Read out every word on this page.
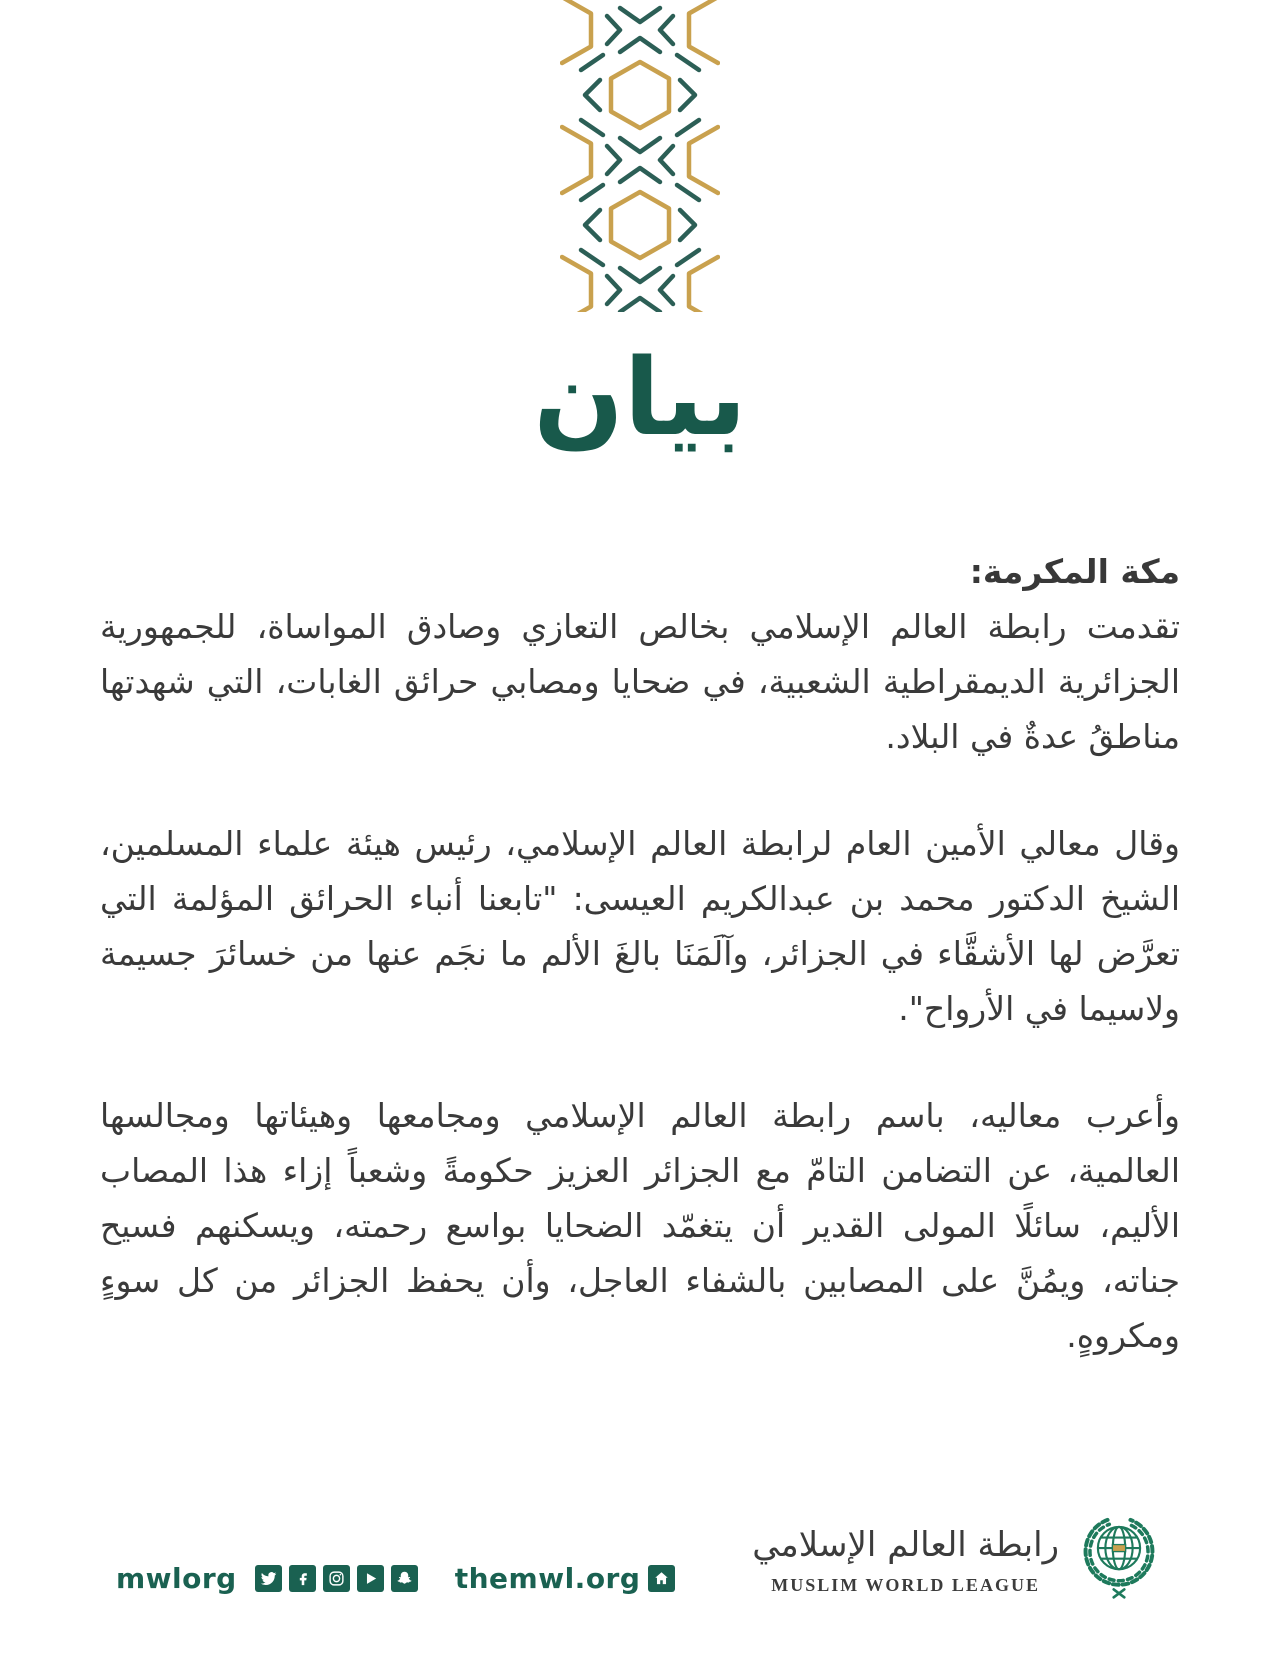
بيان
مكة المكرمة:

تقدمت رابطة العالم الإسلامي بخالص التعازي وصادق المواساة، للجمهورية الجزائرية الديمقراطية الشعبية، في ضحايا ومصابي حرائق الغابات، التي شهدتها مناطقُ عدةٌ في البلاد.

وقال معالي الأمين العام لرابطة العالم الإسلامي، رئيس هيئة علماء المسلمين، الشيخ الدكتور محمد بن عبدالكريم العيسى: "تابعنا أنباء الحرائق المؤلمة التي تعرَّض لها الأشقَّاء في الجزائر، وآلَمَنَا بالغَ الألم ما نجَم عنها من خسائرَ جسيمة ولاسيما في الأرواح".

وأعرب معاليه، باسم رابطة العالم الإسلامي ومجامعها وهيئاتها ومجالسها العالمية، عن التضامن التامّ مع الجزائر العزيز حكومةً وشعباً إزاء هذا المصاب الأليم، سائلًا المولى القدير أن يتغمّد الضحايا بواسع رحمته، ويسكنهم فسيح جناته، ويمُنَّ على المصابين بالشفاء العاجل، وأن يحفظ الجزائر من كل سوءٍ ومكروهٍ.

mwlorg	themwl.org
رابطة العالم الإسلامي
MUSLIM WORLD LEAGUE
